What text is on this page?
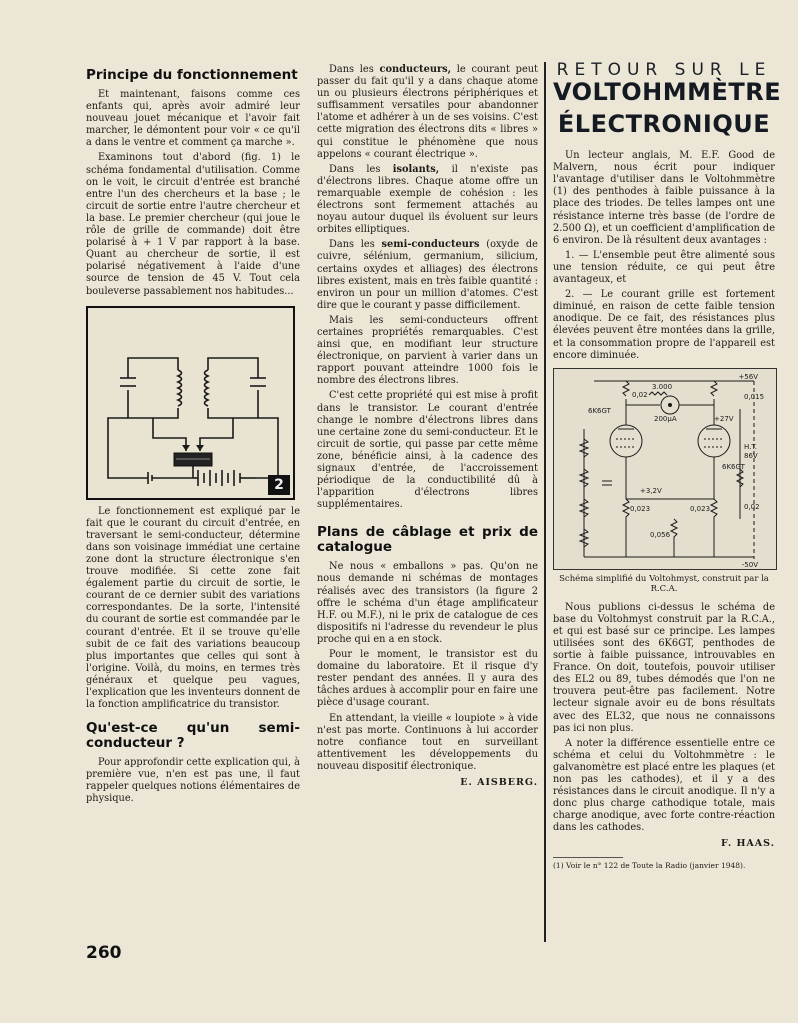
Principe du fonctionnement

Et maintenant, faisons comme ces enfants qui, après avoir admiré leur nouveau jouet mécanique et l'avoir fait marcher, le démontent pour voir « ce qu'il a dans le ventre et comment ça marche ».

Examinons tout d'abord (fig. 1) le schéma fondamental d'utilisation. Comme on le voit, le circuit d'entrée est branché entre l'un des chercheurs et la base ; le circuit de sortie entre l'autre chercheur et la base. Le premier chercheur (qui joue le rôle de grille de commande) doit être polarisé à + 1 V par rapport à la base. Quant au chercheur de sortie, il est polarisé négativement à l'aide d'une source de tension de 45 V. Tout cela bouleverse passablement nos habitudes...

2

Le fonctionnement est expliqué par le fait que le courant du circuit d'entrée, en traversant le semi-conducteur, détermine dans son voisinage immédiat une certaine zone dont la structure électronique s'en trouve modifiée. Si cette zone fait également partie du circuit de sortie, le courant de ce dernier subit des variations correspondantes. De la sorte, l'intensité du courant de sortie est commandée par le courant d'entrée. Et il se trouve qu'elle subit de ce fait des variations beaucoup plus importantes que celles qui sont à l'origine. Voilà, du moins, en termes très généraux et quelque peu vagues, l'explication que les inventeurs donnent de la fonction amplificatrice du transistor.

Qu'est-ce qu'un semi-conducteur ?

Pour approfondir cette explication qui, à première vue, n'en est pas une, il faut rappeler quelques notions élémentaires de physique.

Dans les conducteurs, le courant peut passer du fait qu'il y a dans chaque atome un ou plusieurs électrons périphériques et suffisamment versatiles pour abandonner l'atome et adhérer à un de ses voisins. C'est cette migration des électrons dits « libres » qui constitue le phénomène que nous appelons « courant électrique ».

Dans les isolants, il n'existe pas d'électrons libres. Chaque atome offre un remarquable exemple de cohésion : les électrons sont fermement attachés au noyau autour duquel ils évoluent sur leurs orbites elliptiques.

Dans les semi-conducteurs (oxyde de cuivre, sélénium, germanium, silicium, certains oxydes et alliages) des électrons libres existent, mais en très faible quantité : environ un pour un million d'atomes. C'est dire que le courant y passe difficilement.

Mais les semi-conducteurs offrent certaines propriétés remarquables. C'est ainsi que, en modifiant leur structure électronique, on parvient à varier dans un rapport pouvant atteindre 1000 fois le nombre des électrons libres.

C'est cette propriété qui est mise à profit dans le transistor. Le courant d'entrée change le nombre d'électrons libres dans une certaine zone du semi-conducteur. Et le circuit de sortie, qui passe par cette même zone, bénéficie ainsi, à la cadence des signaux d'entrée, de l'accroissement périodique de la conductibilité dû à l'apparition d'électrons libres supplémentaires.

Plans de câblage et prix de catalogue

Ne nous « emballons » pas. Qu'on ne nous demande ni schémas de montages réalisés avec des transistors (la figure 2 offre le schéma d'un étage amplificateur H.F. ou M.F.), ni le prix de catalogue de ces dispositifs ni l'adresse du revendeur le plus proche qui en a en stock.

Pour le moment, le transistor est du domaine du laboratoire. Et il risque d'y rester pendant des années. Il y aura des tâches ardues à accomplir pour en faire une pièce d'usage courant.

En attendant, la vieille « loupiote » à vide n'est pas morte. Continuons à lui accorder notre confiance tout en surveillant attentivement les développements du nouveau dispositif électronique.

E. AISBERG.
RETOUR SUR LE
VOLTOHMMÈTRE
ÉLECTRONIQUE

Un lecteur anglais, M. E.F. Good de Malvern, nous écrit pour indiquer l'avantage d'utiliser dans le Voltohmmètre (1) des penthodes à faible puissance à la place des triodes. De telles lampes ont une résistance interne très basse (de l'ordre de 2.500 Ω), et un coefficient d'amplification de 6 environ. De là résultent deux avantages :

1. — L'ensemble peut être alimenté sous une tension réduite, ce qui peut être avantageux, et

2. — Le courant grille est fortement diminué, en raison de cette faible tension anodique. De ce fait, des résistances plus élevées peuvent être montées dans la grille, et la consommation propre de l'appareil est encore diminuée.

+56V
3.000
200μA	+27V
0,02	0,015
6K6GT
6K6GT
H.T.
86V
+3,2V
0,023	0,023
0,056
0,02
-50V
Schéma simplifié du Voltohmyst, construit par la R.C.A.

Nous publions ci-dessus le schéma de base du Voltohmyst construit par la R.C.A., et qui est basé sur ce principe. Les lampes utilisées sont des 6K6GT, penthodes de sortie à faible puissance, introuvables en France. On doit, toutefois, pouvoir utiliser des EL2 ou 89, tubes démodés que l'on ne trouvera peut-être pas facilement. Notre lecteur signale avoir eu de bons résultats avec des EL32, que nous ne connaissons pas ici non plus.

A noter la différence essentielle entre ce schéma et celui du Voltohmmètre : le galvanomètre est placé entre les plaques (et non pas les cathodes), et il y a des résistances dans le circuit anodique. Il n'y a donc plus charge cathodique totale, mais charge anodique, avec forte contre-réaction dans les cathodes.

F. HAAS.
(1) Voir le n° 122 de Toute la Radio (janvier 1948).
260
